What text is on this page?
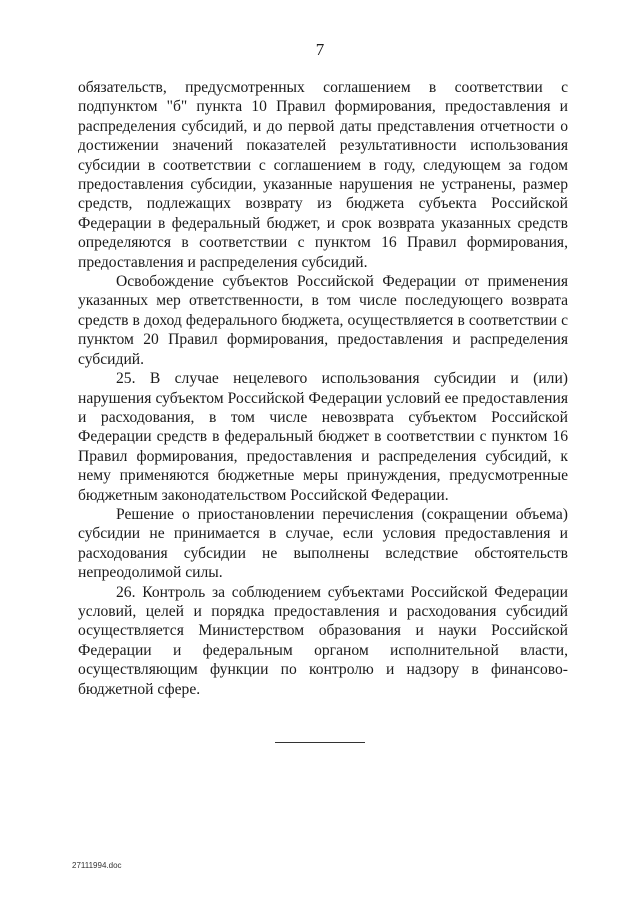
7

обязательств, предусмотренных соглашением в соответствии с подпунктом "б" пункта 10 Правил формирования, предоставления и распределения субсидий, и до первой даты представления отчетности о достижении значений показателей результативности использования субсидии в соответствии с соглашением в году, следующем за годом предоставления субсидии, указанные нарушения не устранены, размер средств, подлежащих возврату из бюджета субъекта Российской Федерации в федеральный бюджет, и срок возврата указанных средств определяются в соответствии с пунктом 16 Правил формирования, предоставления и распределения субсидий.

Освобождение субъектов Российской Федерации от применения указанных мер ответственности, в том числе последующего возврата средств в доход федерального бюджета, осуществляется в соответствии с пунктом 20 Правил формирования, предоставления и распределения субсидий.

25. В случае нецелевого использования субсидии и (или) нарушения субъектом Российской Федерации условий ее предоставления и расходования, в том числе невозврата субъектом Российской Федерации средств в федеральный бюджет в соответствии с пунктом 16 Правил формирования, предоставления и распределения субсидий, к нему применяются бюджетные меры принуждения, предусмотренные бюджетным законодательством Российской Федерации.

Решение о приостановлении перечисления (сокращении объема) субсидии не принимается в случае, если условия предоставления и расходования субсидии не выполнены вследствие обстоятельств непреодолимой силы.

26. Контроль за соблюдением субъектами Российской Федерации условий, целей и порядка предоставления и расходования субсидий осуществляется Министерством образования и науки Российской Федерации и федеральным органом исполнительной власти, осуществляющим функции по контролю и надзору в финансово-бюджетной сфере.

27111994.doc
